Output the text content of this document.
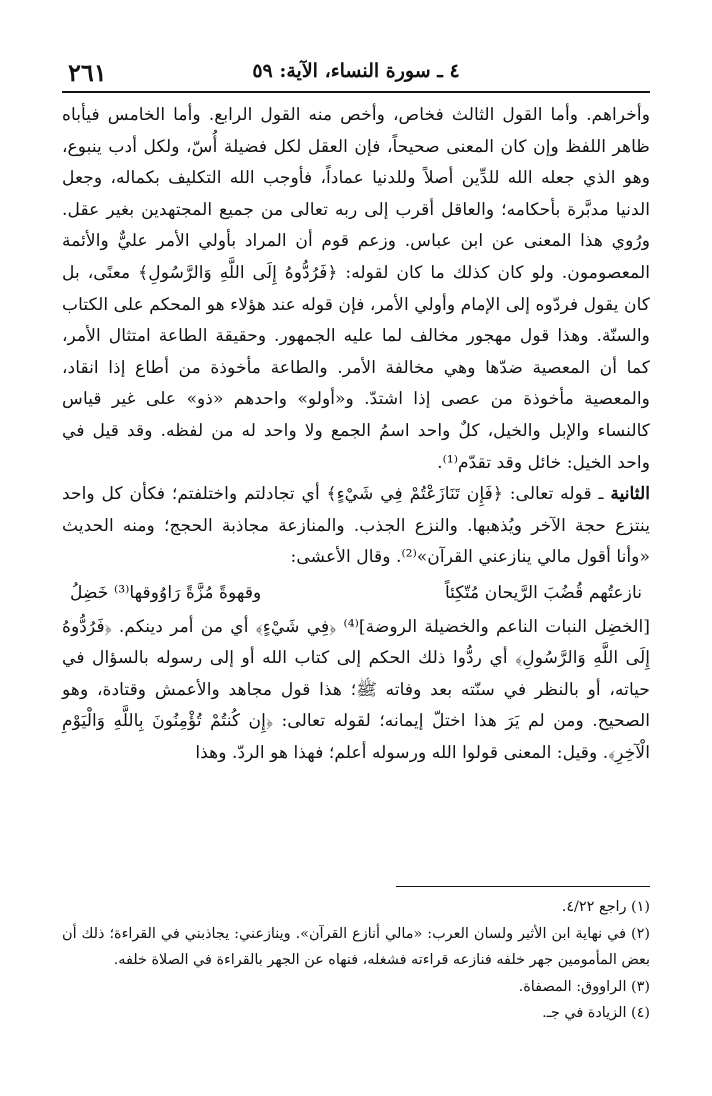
٢٦١	٤ ـ سورة النساء، الآية: ٥٩

وأخراهم. وأما القول الثالث فخاص، وأخص منه القول الرابع. وأما الخامس فيأباه ظاهر اللفظ وإن كان المعنى صحيحاً، فإن العقل لكل فضيلة أُسّ، ولكل أدب ينبوع، وهو الذي جعله الله للدِّين أصلاً وللدنيا عماداً، فأوجب الله التكليف بكماله، وجعل الدنيا مدبَّرة بأحكامه؛ والعاقل أقرب إلى ربه تعالى من جميع المجتهدين بغير عقل. ورُوي هذا المعنى عن ابن عباس. وزعم قوم أن المراد بأولي الأمر عليٌّ والأئمة المعصومون. ولو كان كذلك ما كان لقوله: ﴿فَرُدُّوهُ إِلَى اللَّهِ وَالرَّسُولِ﴾ معنًى، بل كان يقول فردّوه إلى الإمام وأولي الأمر، فإن قوله عند هؤلاء هو المحكم على الكتاب والسنّة. وهذا قول مهجور مخالف لما عليه الجمهور. وحقيقة الطاعة امتثال الأمر، كما أن المعصية ضدّها وهي مخالفة الأمر. والطاعة مأخوذة من أطاع إذا انقاد، والمعصية مأخوذة من عصى إذا اشتدّ. و«أولو» واحدهم «ذو» على غير قياس كالنساء والإبل والخيل، كلٌ واحد اسمُ الجمع ولا واحد له من لفظه. وقد قيل في واحد الخيل: خائل وقد تقدّم⁽¹⁾.

الثانية ـ قوله تعالى: ﴿فَإِن تَنَازَعْتُمْ فِي شَيْءٍ﴾ أي تجادلتم واختلفتم؛ فكأن كل واحد ينتزع حجة الآخر ويُذهبها. والنزع الجذب. والمنازعة مجاذبة الحجج؛ ومنه الحديث «وأنا أقول مالي ينازعني القرآن»⁽²⁾. وقال الأعشى:

نازعتُهم قُضُبَ الرَّيحان مُتّكِئاً
وقهوةً مُزَّةً رَاوُوقها⁽³⁾ خَضِلُ

[الخضِل النبات الناعم والخضيلة الروضة]⁽⁴⁾ ﴿فِي شَيْءٍ﴾ أي من أمر دينكم. ﴿فَرُدُّوهُ إِلَى اللَّهِ وَالرَّسُولِ﴾ أي ردُّوا ذلك الحكم إلى كتاب الله أو إلى رسوله بالسؤال في حياته، أو بالنظر في سنّته بعد وفاته ﷺ؛ هذا قول مجاهد والأعمش وقتادة، وهو الصحيح. ومن لم يَرَ هذا اختلّ إيمانه؛ لقوله تعالى: ﴿إِن كُنتُمْ تُؤْمِنُونَ بِاللَّهِ وَالْيَوْمِ الْآخِرِ﴾. وقيل: المعنى قولوا الله ورسوله أعلم؛ فهذا هو الردّ. وهذا

(١) راجع ٤/٢٢.

(٢) في نهاية ابن الأثير ولسان العرب: «مالي أنازع القرآن». وينازعني: يجاذبني في القراءة؛ ذلك أن بعض المأمومين جهر خلفه فنازعه قراءته فشغله، فنهاه عن الجهر بالقراءة في الصلاة خلفه.

(٣) الراووق: المصفاة.

(٤) الزيادة في جـ.
